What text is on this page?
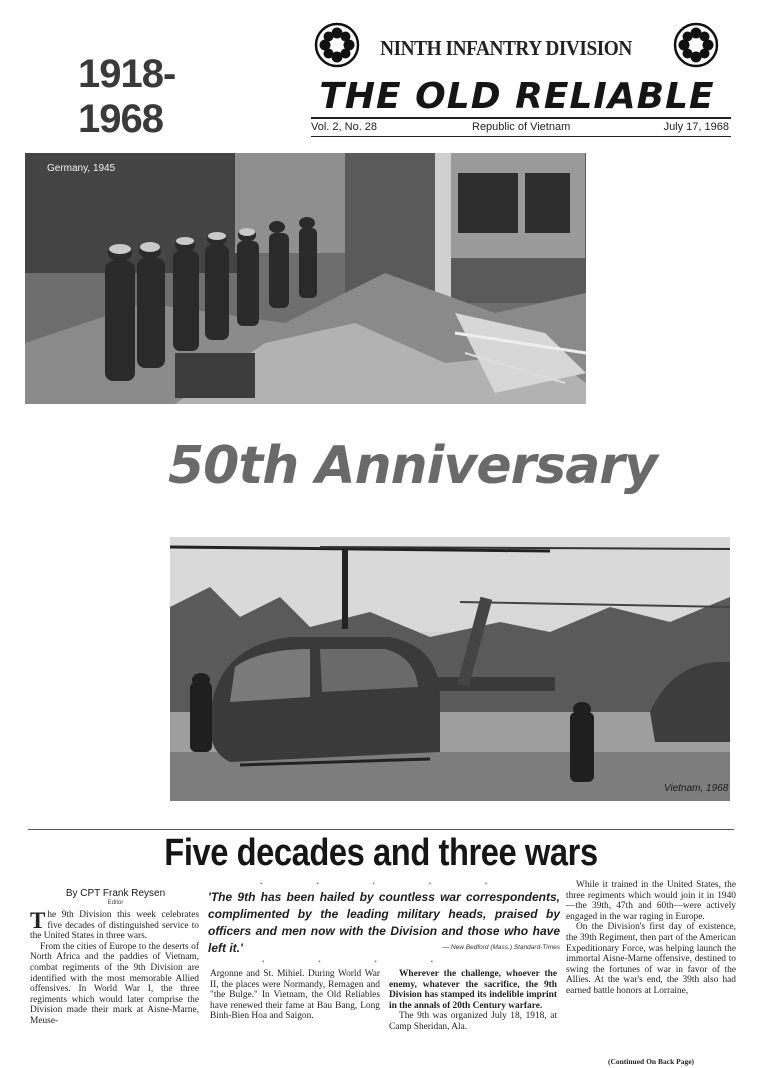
1918-1968
NINTH INFANTRY DIVISION
THE OLD RELIABLE
Vol. 2, No. 28	Republic of Vietnam	July 17, 1968
Germany, 1945
50th Anniversary
Vietnam, 1968
Five decades and three wars
By CPT Frank Reysen
Editor

The 9th Division this week celebrates five decades of distinguished service to the United States in three wars.

From the cities of Europe to the deserts of North Africa and the paddies of Vietnam, combat regiments of the 9th Division are identified with the most memorable Allied offensives. In World War I, the three regiments which would later comprise the Division made their mark at Aisne-Marne, Meuse-

• • • • •
'The 9th has been hailed by countless war correspondents, complimented by the leading military heads, praised by officers and men now with the Division and those who have left it.'	— New Bedford (Mass.) Standard-Times
• • • •

Argonne and St. Mihiel. During World War II, the places were Normandy, Remagen and "the Bulge." In Vietnam, the Old Reliables have renewed their fame at Bau Bang, Long Binh-Bien Hoa and Saigon.

Wherever the challenge, whoever the enemy, whatever the sacrifice, the 9th Division has stamped its indelible imprint in the annals of 20th Century warfare.

The 9th was organized July 18, 1918, at Camp Sheridan, Ala.

While it trained in the United States, the three regiments which would join it in 1940—the 39th, 47th and 60th—were actively engaged in the war raging in Europe.

On the Division's first day of existence, the 39th Regiment, then part of the American Expeditionary Force, was helping launch the immortal Aisne-Marne offensive, destined to swing the fortunes of war in favor of the Allies. At the war's end, the 39th also had earned battle honors at Lorraine,

(Continued On Back Page)
